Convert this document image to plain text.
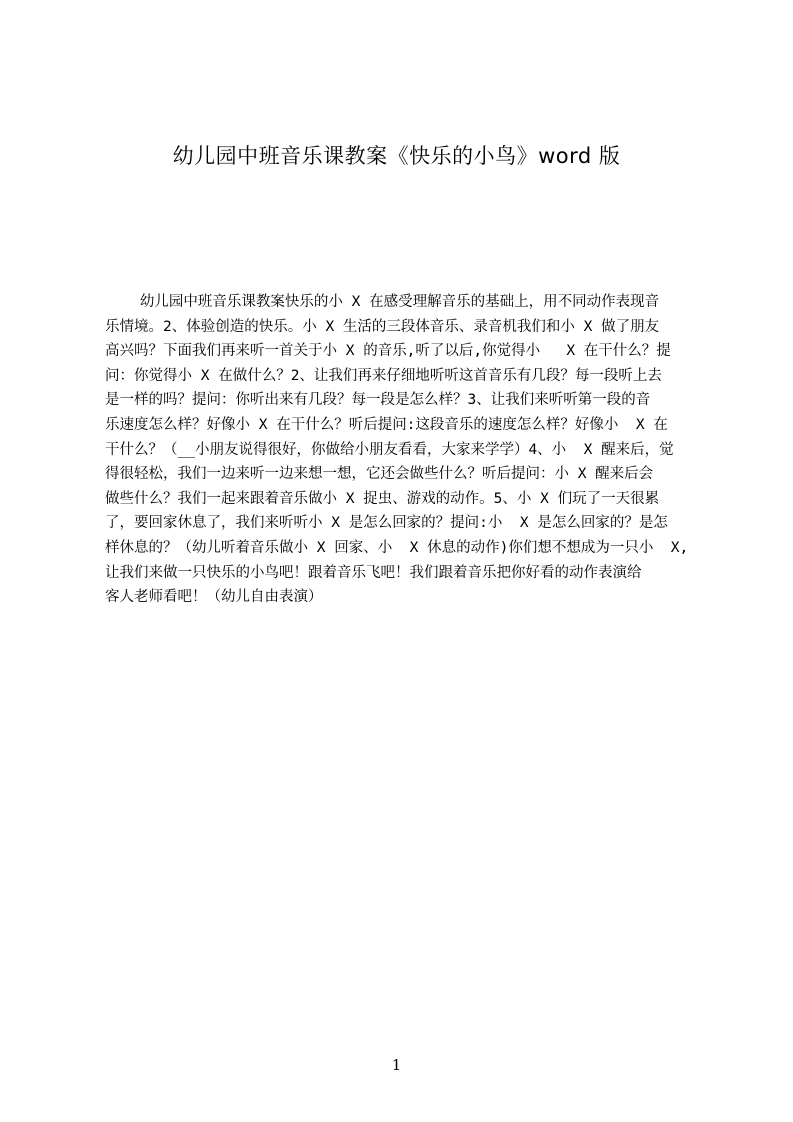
幼儿园中班音乐课教案《快乐的小鸟》word 版
幼儿园中班音乐课教案快乐的小 X 在感受理解音乐的基础上，用不同动作表现音
乐情境。2、体验创造的快乐。小 X 生活的三段体音乐、录音机我们和小 X 做了朋友
高兴吗？下面我们再来听一首关于小 X 的音乐,听了以后,你觉得小   X 在干什么？提
问：你觉得小 X 在做什么？2、让我们再来仔细地听听这首音乐有几段？每一段听上去
是一样的吗？提问：你听出来有几段？每一段是怎么样？3、让我们来听听第一段的音
乐速度怎么样？好像小 X 在干什么？听后提问:这段音乐的速度怎么样？好像小  X 在
干什么？（__小朋友说得很好，你做给小朋友看看，大家来学学）4、小  X 醒来后，觉
得很轻松，我们一边来听一边来想一想，它还会做些什么？听后提问：小 X 醒来后会
做些什么？我们一起来跟着音乐做小 X 捉虫、游戏的动作。5、小 X 们玩了一天很累
了，要回家休息了，我们来听听小 X 是怎么回家的？提问:小  X 是怎么回家的？是怎
样休息的？（幼儿听着音乐做小 X 回家、小  X 休息的动作)你们想不想成为一只小  X,
让我们来做一只快乐的小鸟吧！跟着音乐飞吧！我们跟着音乐把你好看的动作表演给
客人老师看吧！（幼儿自由表演）
1
